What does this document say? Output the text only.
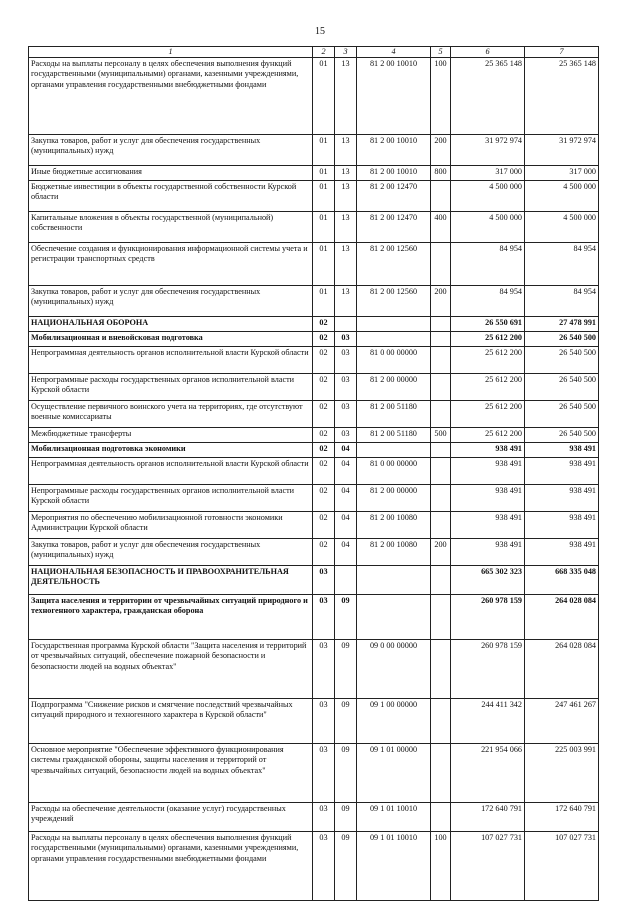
15
1	2	3	4	5	6	7
Расходы на выплаты персоналу в целях обеспечения выполнения функций государственными (муниципальными) органами, казенными учреждениями, органами управления государственными внебюджетными фондами	01	13	81 2 00 10010	100	25 365 148	25 365 148
Закупка товаров, работ и услуг для обеспечения государственных (муниципальных) нужд	01	13	81 2 00 10010	200	31 972 974	31 972 974
Иные бюджетные ассигнования	01	13	81 2 00 10010	800	317 000	317 000
Бюджетные инвестиции в объекты государственной собственности Курской области	01	13	81 2 00 12470		4 500 000	4 500 000
Капитальные вложения в объекты государственной (муниципальной) собственности	01	13	81 2 00 12470	400	4 500 000	4 500 000
Обеспечение создания и функционирования информационной системы учета и регистрации транспортных средств	01	13	81 2 00 12560		84 954	84 954
Закупка товаров, работ и услуг для обеспечения государственных (муниципальных) нужд	01	13	81 2 00 12560	200	84 954	84 954
НАЦИОНАЛЬНАЯ ОБОРОНА	02				26 550 691	27 478 991
Мобилизационная и вневойсковая подготовка	02	03			25 612 200	26 540 500
Непрограммная деятельность органов исполнительной власти Курской области	02	03	81 0 00 00000		25 612 200	26 540 500
Непрограммные расходы государственных органов исполнительной власти Курской области	02	03	81 2 00 00000		25 612 200	26 540 500
Осуществление первичного воинского учета на территориях, где отсутствуют военные комиссариаты	02	03	81 2 00 51180		25 612 200	26 540 500
Межбюджетные трансферты	02	03	81 2 00 51180	500	25 612 200	26 540 500
Мобилизационная подготовка экономики	02	04			938 491	938 491
Непрограммная деятельность органов исполнительной власти Курской области	02	04	81 0 00 00000		938 491	938 491
Непрограммные расходы государственных органов исполнительной власти Курской области	02	04	81 2 00 00000		938 491	938 491
Мероприятия по обеспечению мобилизационной готовности экономики Администрации Курской области	02	04	81 2 00 10080		938 491	938 491
Закупка товаров, работ и услуг для обеспечения государственных (муниципальных) нужд	02	04	81 2 00 10080	200	938 491	938 491
НАЦИОНАЛЬНАЯ БЕЗОПАСНОСТЬ И ПРАВООХРАНИТЕЛЬНАЯ ДЕЯТЕЛЬНОСТЬ	03				665 302 323	668 335 048
Защита населения и территории от чрезвычайных ситуаций природного и техногенного характера, гражданская оборона	03	09			260 978 159	264 028 084
Государственная программа Курской области "Защита населения и территорий от чрезвычайных ситуаций, обеспечение пожарной безопасности и безопасности людей на водных объектах"	03	09	09 0 00 00000		260 978 159	264 028 084
Подпрограмма "Снижение рисков и смягчение последствий чрезвычайных ситуаций природного и техногенного характера в Курской области"	03	09	09 1 00 00000		244 411 342	247 461 267
Основное мероприятие "Обеспечение эффективного функционирования системы гражданской обороны, защиты населения и территорий от чрезвычайных ситуаций, безопасности людей на водных объектах"	03	09	09 1 01 00000		221 954 066	225 003 991
Расходы на обеспечение деятельности (оказание услуг) государственных учреждений	03	09	09 1 01 10010		172 640 791	172 640 791
Расходы на выплаты персоналу в целях обеспечения выполнения функций государственными (муниципальными) органами, казенными учреждениями, органами управления государственными внебюджетными фондами	03	09	09 1 01 10010	100	107 027 731	107 027 731
